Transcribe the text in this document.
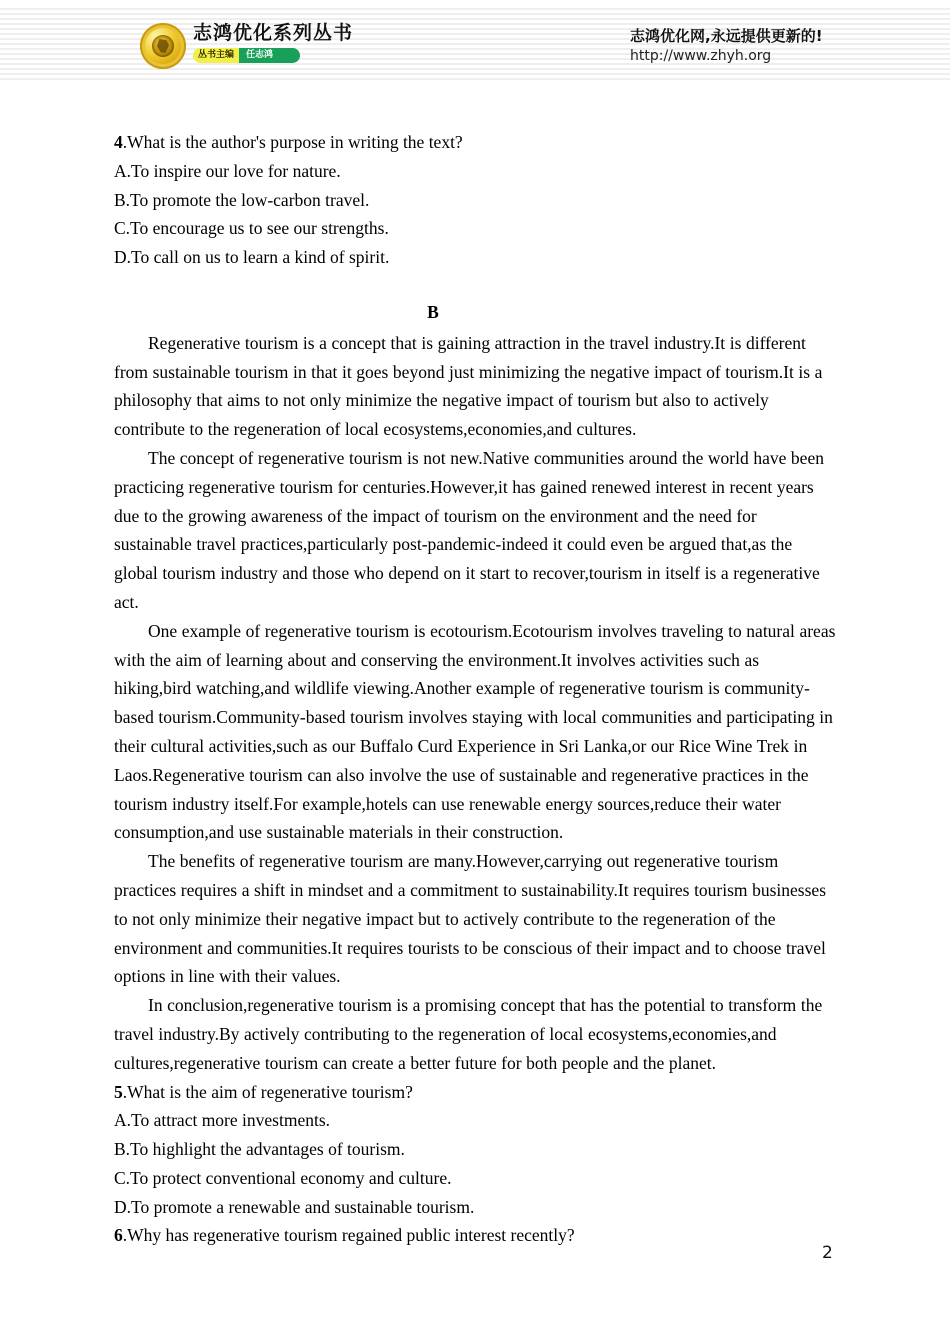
志鸿优化系列丛书
丛书主编	任志鸿
志鸿优化网,永远提供更新的!
http://www.zhyh.org
4.What is the author's purpose in writing the text?
A.To inspire our love for nature.
B.To promote the low-carbon travel.
C.To encourage us to see our strengths.
D.To call on us to learn a kind of spirit.
B

Regenerative tourism is a concept that is gaining attraction in the travel industry.It is different from sustainable tourism in that it goes beyond just minimizing the negative impact of tourism.It is a philosophy that aims to not only minimize the negative impact of tourism but also to actively contribute to the regeneration of local ecosystems,economies,and cultures.

The concept of regenerative tourism is not new.Native communities around the world have been practicing regenerative tourism for centuries.However,it has gained renewed interest in recent years due to the growing awareness of the impact of tourism on the environment and the need for sustainable travel practices,particularly post-pandemic-indeed it could even be argued that,as the global tourism industry and those who depend on it start to recover,tourism in itself is a regenerative act.

One example of regenerative tourism is ecotourism.Ecotourism involves traveling to natural areas with the aim of learning about and conserving the environment.It involves activities such as hiking,bird watching,and wildlife viewing.Another example of regenerative tourism is community-based tourism.Community-based tourism involves staying with local communities and participating in their cultural activities,such as our Buffalo Curd Experience in Sri Lanka,or our Rice Wine Trek in Laos.Regenerative tourism can also involve the use of sustainable and regenerative practices in the tourism industry itself.For example,hotels can use renewable energy sources,reduce their water consumption,and use sustainable materials in their construction.

The benefits of regenerative tourism are many.However,carrying out regenerative tourism practices requires a shift in mindset and a commitment to sustainability.It requires tourism businesses to not only minimize their negative impact but to actively contribute to the regeneration of the environment and communities.It requires tourists to be conscious of their impact and to choose travel options in line with their values.

In conclusion,regenerative tourism is a promising concept that has the potential to transform the travel industry.By actively contributing to the regeneration of local ecosystems,economies,and cultures,regenerative tourism can create a better future for both people and the planet.

5.What is the aim of regenerative tourism?
A.To attract more investments.
B.To highlight the advantages of tourism.
C.To protect conventional economy and culture.
D.To promote a renewable and sustainable tourism.
6.Why has regenerative tourism regained public interest recently?
2
